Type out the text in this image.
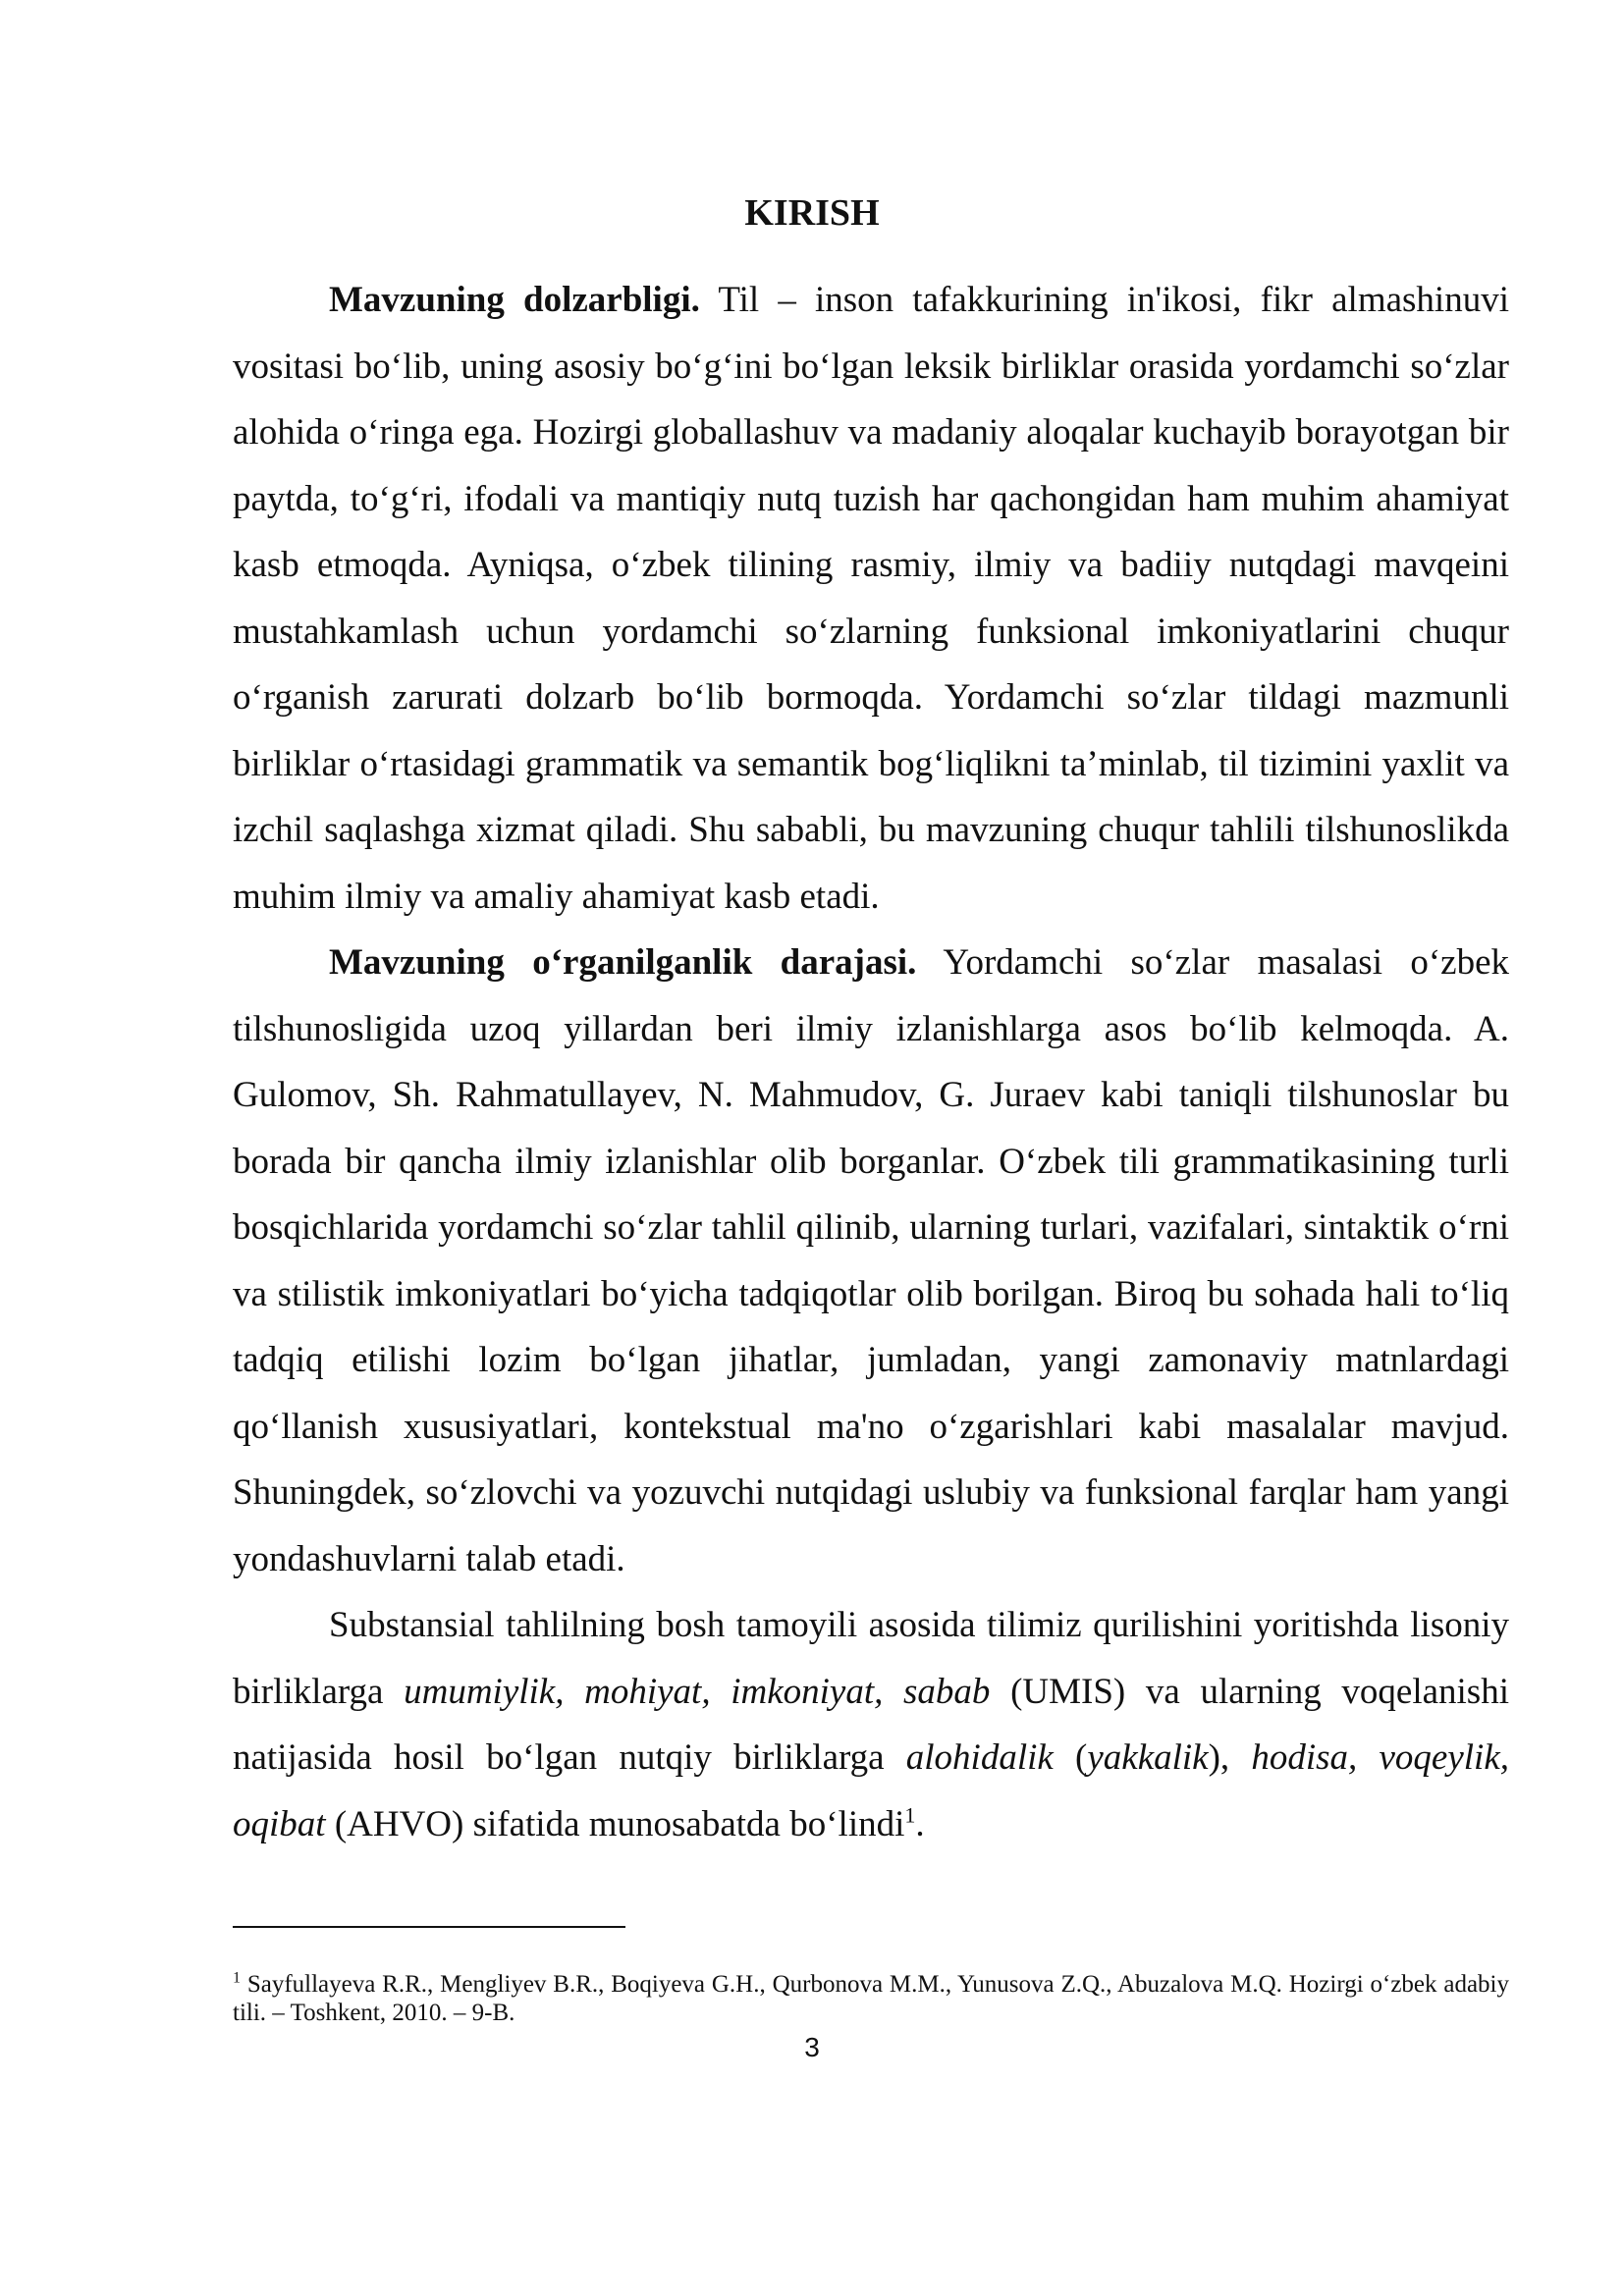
KIRISH

Mavzuning dolzarbligi. Til – inson tafakkurining in'ikosi, fikr almashinuvi vositasi bo‘lib, uning asosiy bo‘g‘ini bo‘lgan leksik birliklar orasida yordamchi so‘zlar alohida o‘ringa ega. Hozirgi globallashuv va madaniy aloqalar kuchayib borayotgan bir paytda, to‘g‘ri, ifodali va mantiqiy nutq tuzish har qachongidan ham muhim ahamiyat kasb etmoqda. Ayniqsa, o‘zbek tilining rasmiy, ilmiy va badiiy nutqdagi mavqeini mustahkamlash uchun yordamchi so‘zlarning funksional imkoniyatlarini chuqur o‘rganish zarurati dolzarb bo‘lib bormoqda. Yordamchi so‘zlar tildagi mazmunli birliklar o‘rtasidagi grammatik va semantik bog‘liqlikni ta’minlab, til tizimini yaxlit va izchil saqlashga xizmat qiladi. Shu sababli, bu mavzuning chuqur tahlili tilshunoslikda muhim ilmiy va amaliy ahamiyat kasb etadi.

Mavzuning o‘rganilganlik darajasi. Yordamchi so‘zlar masalasi o‘zbek tilshunosligida uzoq yillardan beri ilmiy izlanishlarga asos bo‘lib kelmoqda. A. Gulomov, Sh. Rahmatullayev, N. Mahmudov, G. Juraev kabi taniqli tilshunoslar bu borada bir qancha ilmiy izlanishlar olib borganlar. O‘zbek tili grammatikasining turli bosqichlarida yordamchi so‘zlar tahlil qilinib, ularning turlari, vazifalari, sintaktik o‘rni va stilistik imkoniyatlari bo‘yicha tadqiqotlar olib borilgan. Biroq bu sohada hali to‘liq tadqiq etilishi lozim bo‘lgan jihatlar, jumladan, yangi zamonaviy matnlardagi qo‘llanish xususiyatlari, kontekstual ma'no o‘zgarishlari kabi masalalar mavjud. Shuningdek, so‘zlovchi va yozuvchi nutqidagi uslubiy va funksional farqlar ham yangi yondashuvlarni talab etadi.

Substansial tahlilning bosh tamoyili asosida tilimiz qurilishini yoritishda lisoniy birliklarga umumiylik, mohiyat, imkoniyat, sabab (UMIS) va ularning voqelanishi natijasida hosil bo‘lgan nutqiy birliklarga alohidalik (yakkalik), hodisa, voqeylik, oqibat (AHVO) sifatida munosabatda bo‘lindi$^1$.

$^1$ Sayfullayeva R.R., Mengliyev B.R., Boqiyeva G.H., Qurbonova M.M., Yunusova Z.Q., Abuzalova M.Q. Hozirgi o‘zbek adabiy tili. – Toshkent, 2010. – 9-B.
3
